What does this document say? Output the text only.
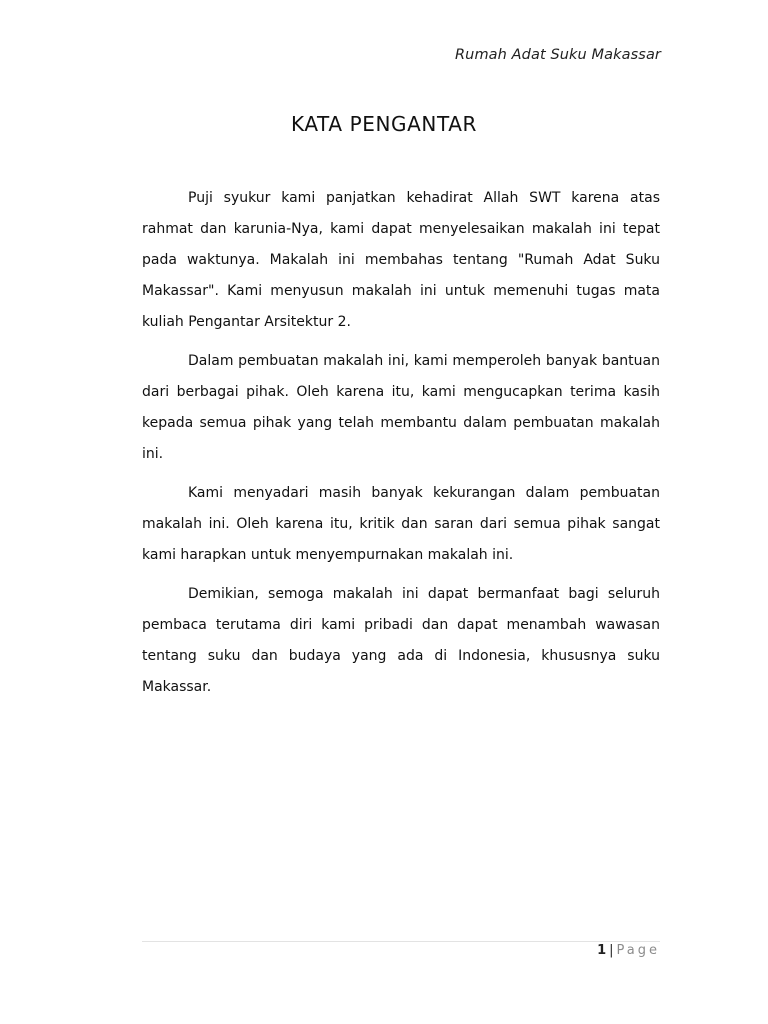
Rumah Adat Suku Makassar
KATA PENGANTAR

Puji syukur kami panjatkan kehadirat Allah SWT karena atas rahmat dan karunia-Nya, kami dapat menyelesaikan makalah ini tepat pada waktunya. Makalah ini membahas tentang "Rumah Adat Suku Makassar". Kami menyusun makalah ini untuk memenuhi tugas mata kuliah Pengantar Arsitektur 2.

Dalam pembuatan makalah ini, kami memperoleh banyak bantuan dari berbagai pihak. Oleh karena itu, kami mengucapkan terima kasih kepada semua pihak yang telah membantu dalam pembuatan makalah ini.

Kami menyadari masih banyak kekurangan dalam pembuatan makalah ini. Oleh karena itu, kritik dan saran dari semua pihak sangat kami harapkan untuk menyempurnakan makalah ini.

Demikian, semoga makalah ini dapat bermanfaat bagi seluruh pembaca terutama diri kami pribadi dan dapat menambah wawasan tentang suku dan budaya yang ada di Indonesia, khususnya suku Makassar.

1 | Page
